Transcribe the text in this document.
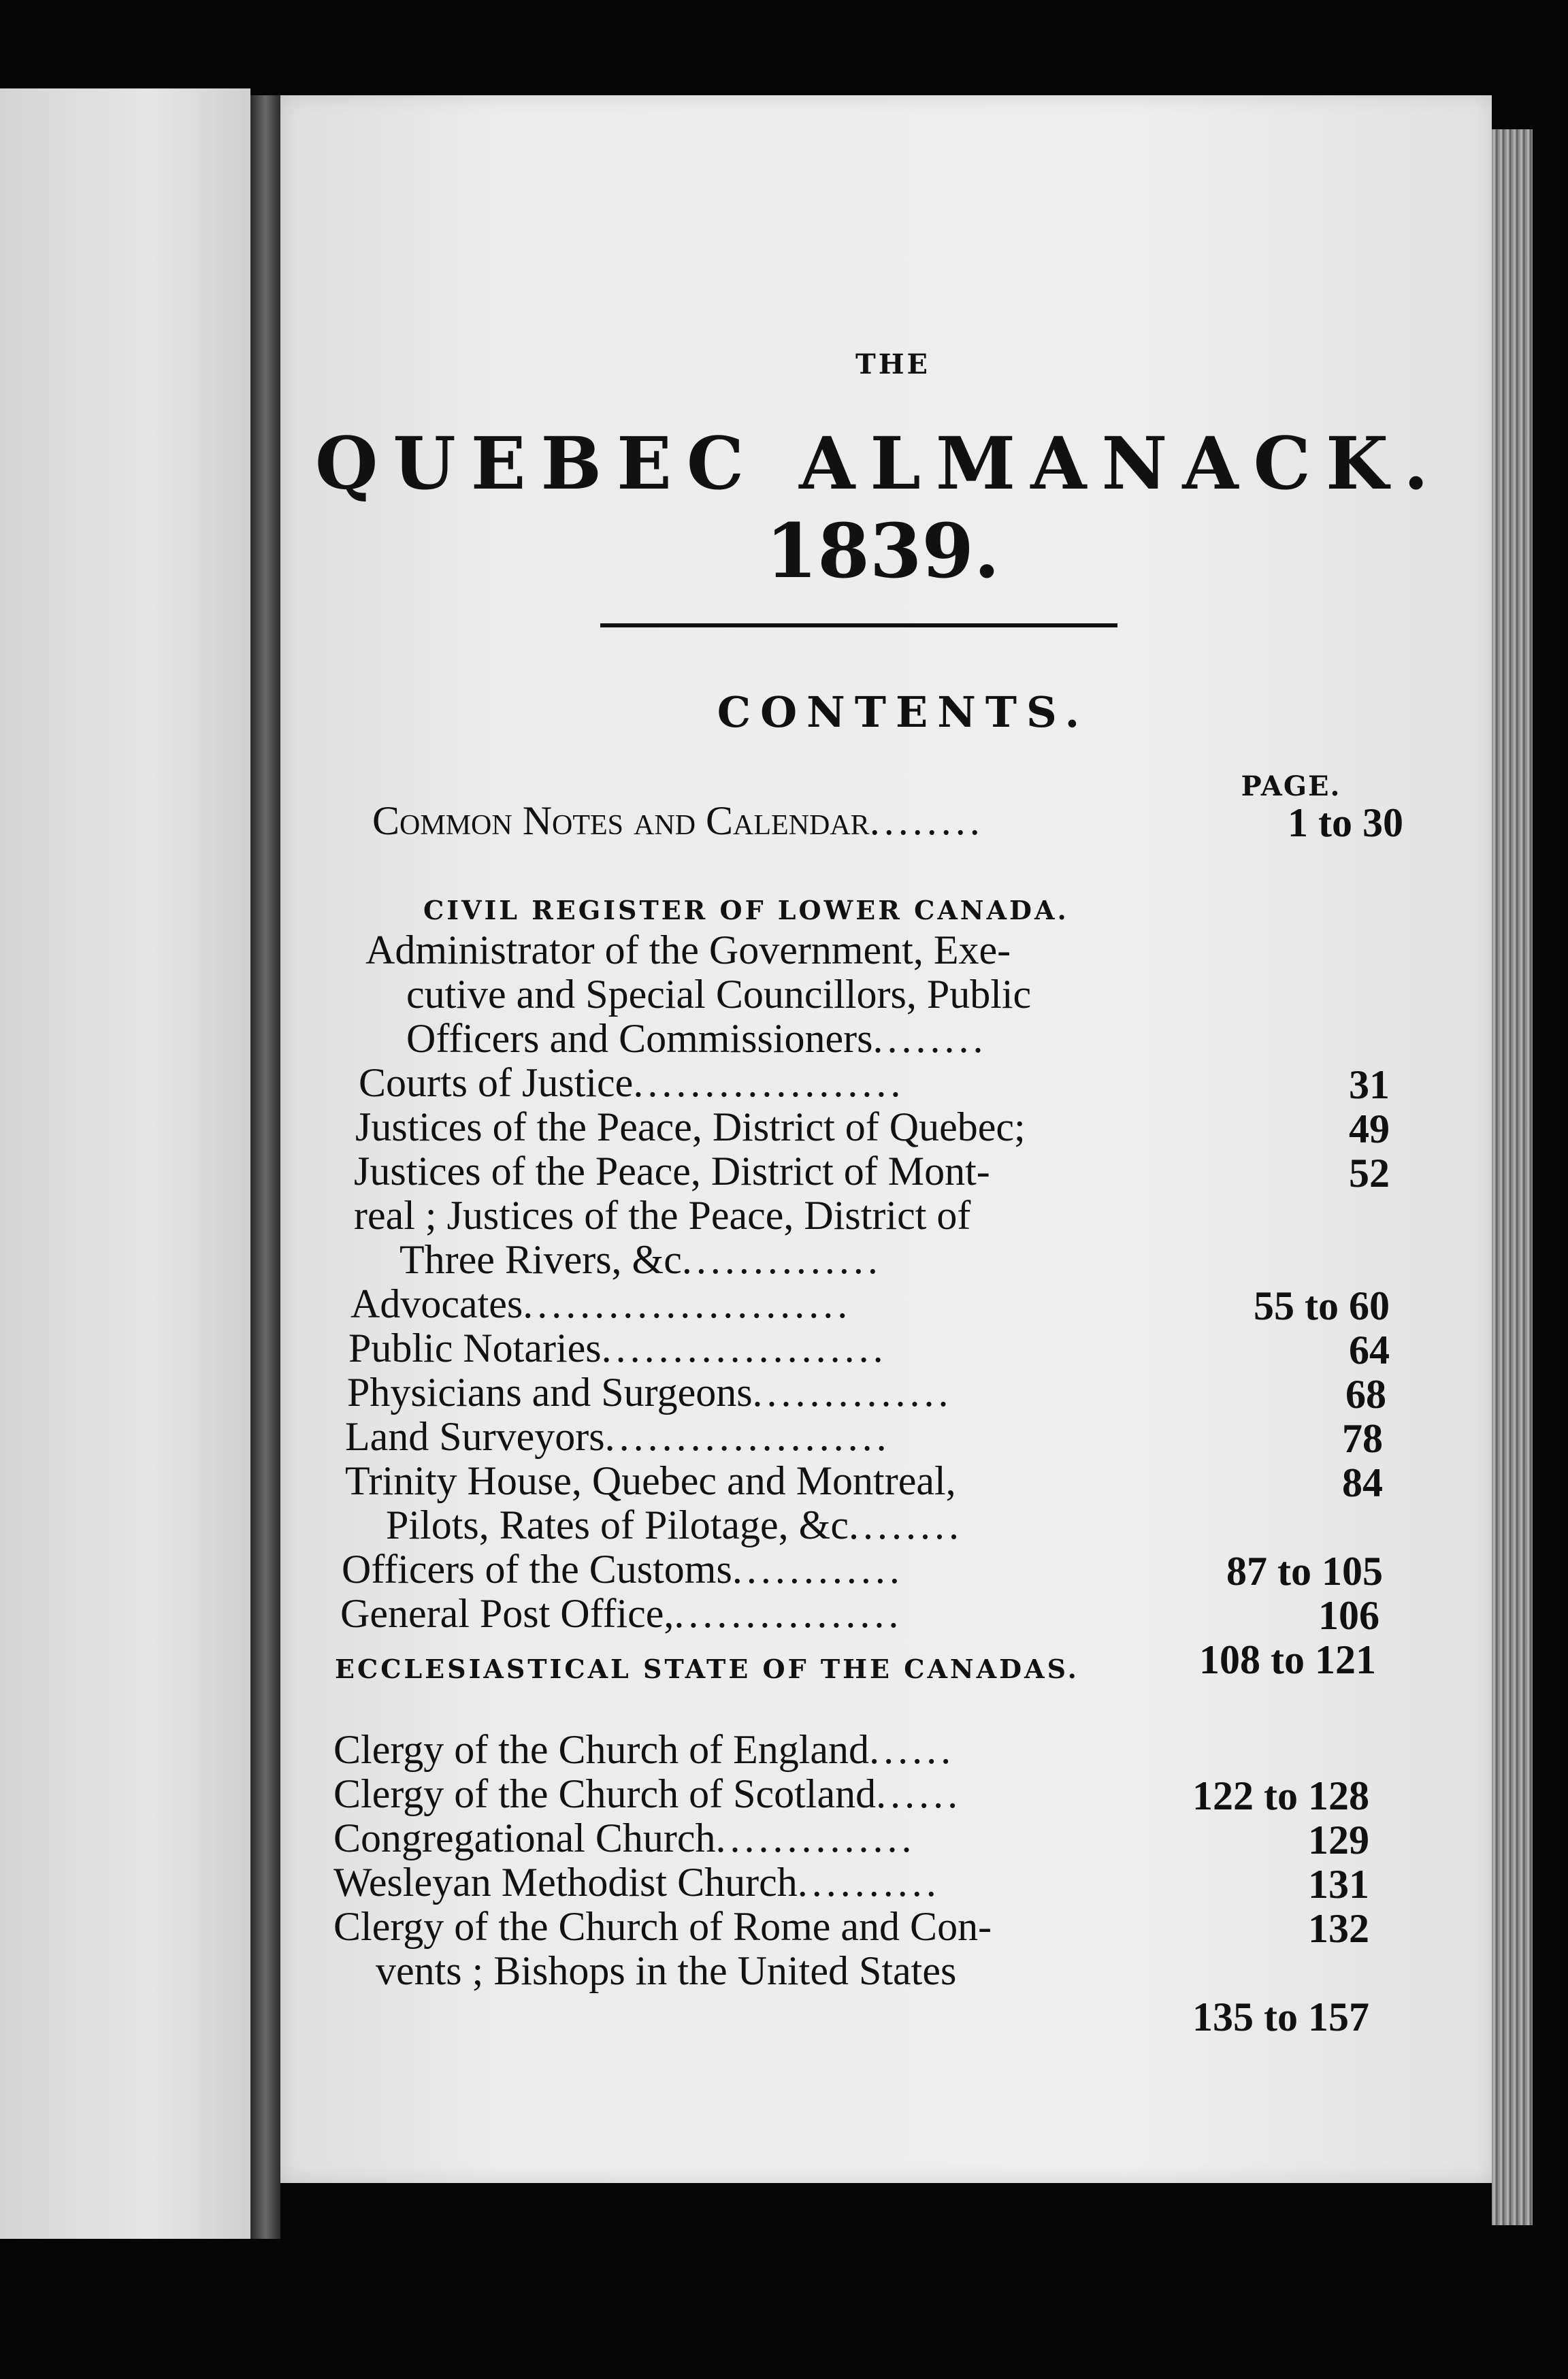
THE
QUEBEC ALMANACK.
1839.
CONTENTS.
PAGE.
Common Notes and Calendar........	1 to 30
CIVIL REGISTER OF LOWER CANADA.
Administrator of the Government, Exe-
cutive and Special Councillors, Public
Officers and Commissioners........
31
Courts of Justice...................
49
Justices of the Peace, District of Quebec;
52
Justices of the Peace, District of Mont-
real ; Justices of the Peace, District of
Three Rivers, &c..............
55 to 60
Advocates.......................
64
Public Notaries....................
68
Physicians and Surgeons..............
78
Land Surveyors....................
84
Trinity House, Quebec and Montreal,
Pilots, Rates of Pilotage, &c........
87 to 105
Officers of the Customs............
106
General Post Office,................
108 to 121
ECCLESIASTICAL STATE OF THE CANADAS.
Clergy of the Church of England......
122 to 128
Clergy of the Church of Scotland......
129
Congregational Church..............
131
Wesleyan Methodist Church..........
132
Clergy of the Church of Rome and Con-
vents ; Bishops in the United States
135 to 157
